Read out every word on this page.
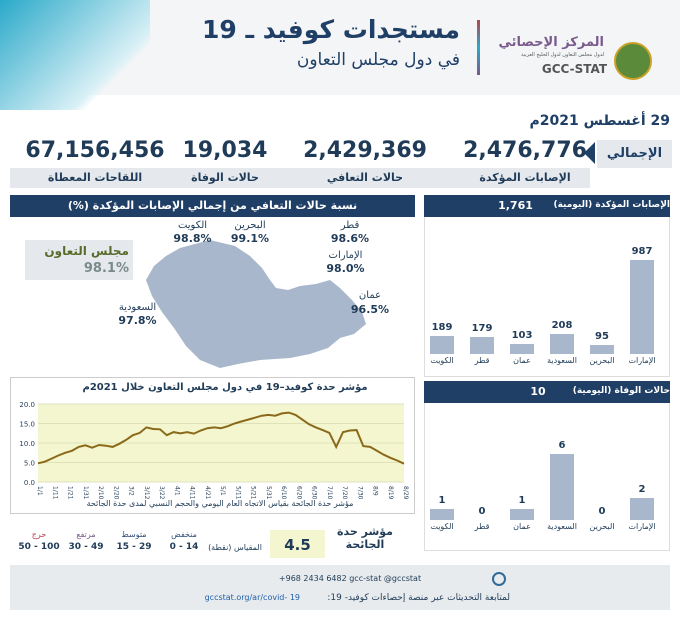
مستجدات كوفيد ـ 19
في دول مجلس التعاون
المركز الإحصائي
لدول مجلس التعاون لدول الخليج العربية
GCC-STAT
29 أغسطس 2021م
الإجمالي
2,476,776
2,429,369
19,034
67,156,456
الإصابات المؤكدة
حالات التعافي
حالات الوفاة
اللقاحات المعطاة
نسبة حالات التعافي من إجمالي الإصابات المؤكدة (%)
مجلس التعاون
98.1%
الكويت
98.8%
البحرين
99.1%
قطر
98.6%
الإمارات
98.0%
عمان
96.5%
السعودية
97.8%
الإصابات المؤكدة (اليومية)
1,761
189
الكويت
179
قطر
103
عمان
208
السعودية
95
البحرين
987
الإمارات
حالات الوفاة (اليومية)
10
1
الكويت
0
قطر
1
عمان
6
السعودية
0
البحرين
2
الإمارات
مؤشر حدة كوفيد–19 في دول مجلس التعاون خلال 2021م
0.0
5.0
10.0
15.0
20.0
1/1 1/11 1/21 1/31 2/10 2/20 3/2 3/12 3/22 4/1 4/11 4/21 5/1 5/11 5/21 5/31 6/10 6/20 6/30 7/10 7/20 7/30 8/9 8/19 8/29
مؤشر حدة الجائحة بقياس الاتجاه العام اليومي والحجم النسبي لمدى حدة الجائحة
مؤشر حدة الجائحة
4.5
المقياس (نقطة)
منخفض
0 - 14
متوسط
15 - 29
مرتفع
30 - 49
حرج
50 - 100
+968 2434 6482 gcc-stat @gccstat
لمتابعة التحديثات عبر منصة إحصاءات كوفيد- 19:
gccstat.org/ar/covid- 19
